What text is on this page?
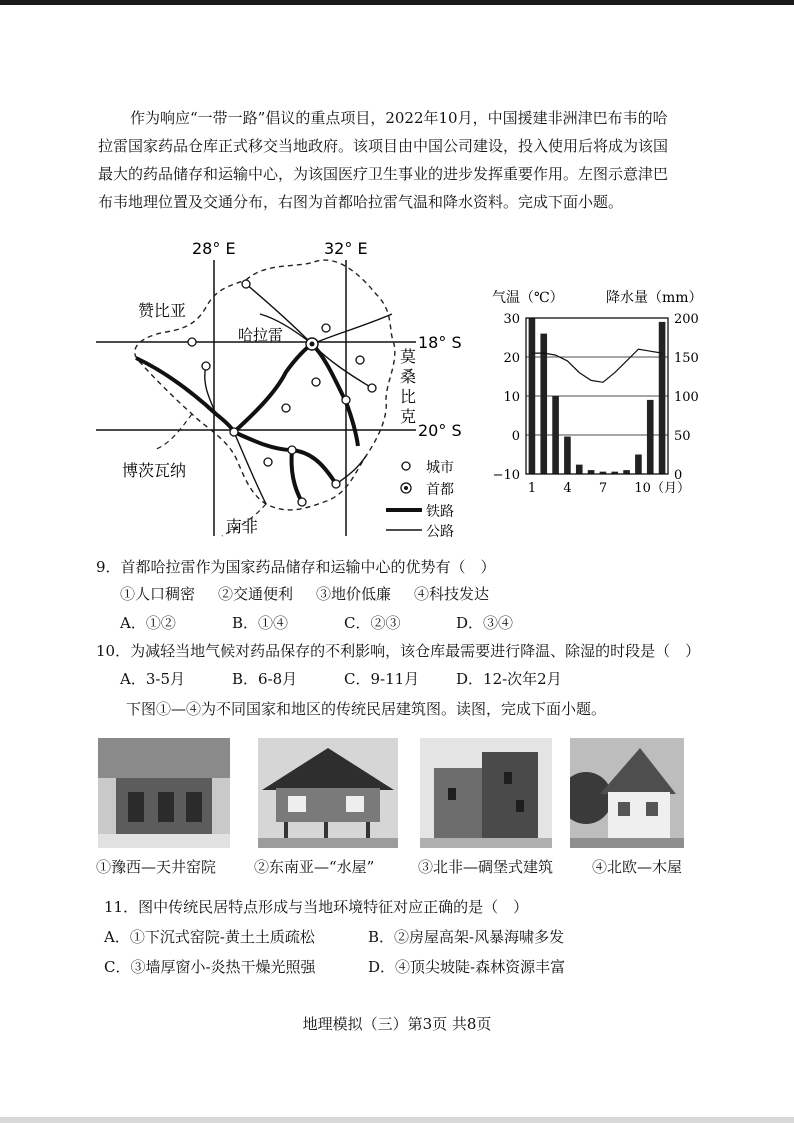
作为响应“一带一路”倡议的重点项目，2022年10月，中国援建非洲津巴布韦的哈

拉雷国家药品仓库正式移交当地政府。该项目由中国公司建设，投入使用后将成为该国

最大的药品储存和运输中心，为该国医疗卫生事业的进步发挥重要作用。左图示意津巴

布韦地理位置及交通分布，右图为首都哈拉雷气温和降水资料。完成下面小题。

28° E	32° E
18° S
20° S
赞比亚
哈拉雷
莫
桑
比
克
博茨瓦纳
南非
城市
首都
铁路
公路
气温（℃）	降水量（mm）
30
20
10
0
−10
200
150
100
50
0
1 4 7 10（月）

9．首都哈拉雷作为国家药品储存和运输中心的优势有（　）

①人口稠密 ②交通便利 ③地价低廉 ④科技发达
A．①②	B．①④	C．②③	D．③④

10．为减轻当地气候对药品保存的不利影响，该仓库最需要进行降温、除湿的时段是（　）

A．3-5月	B．6-8月	C．9-11月 D．12-次年2月

下图①—④为不同国家和地区的传统民居建筑图。读图，完成下面小题。

①豫西—天井窑院	②东南亚—“水屋”	③北非—碉堡式建筑	④北欧—木屋

11．图中传统民居特点形成与当地环境特征对应正确的是（　）

A．①下沉式窑院-黄土土质疏松	B．②房屋高架-风暴海啸多发
C．③墙厚窗小-炎热干燥光照强	D．④顶尖坡陡-森林资源丰富
地理模拟（三）第3页 共8页
